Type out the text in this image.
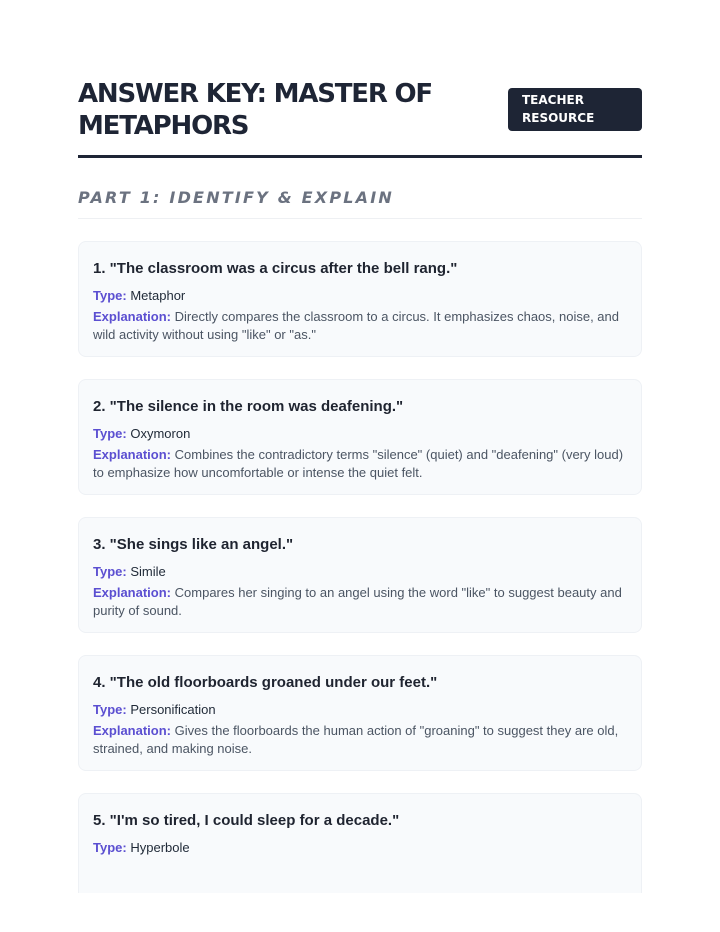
ANSWER KEY: MASTER OF METAPHORS
TEACHER RESOURCE
PART 1: IDENTIFY & EXPLAIN
1. "The classroom was a circus after the bell rang."
Type: Metaphor
Explanation: Directly compares the classroom to a circus. It emphasizes chaos, noise, and wild activity without using "like" or "as."
2. "The silence in the room was deafening."
Type: Oxymoron
Explanation: Combines the contradictory terms "silence" (quiet) and "deafening" (very loud) to emphasize how uncomfortable or intense the quiet felt.
3. "She sings like an angel."
Type: Simile
Explanation: Compares her singing to an angel using the word "like" to suggest beauty and purity of sound.
4. "The old floorboards groaned under our feet."
Type: Personification
Explanation: Gives the floorboards the human action of "groaning" to suggest they are old, strained, and making noise.
5. "I'm so tired, I could sleep for a decade."
Type: Hyperbole
